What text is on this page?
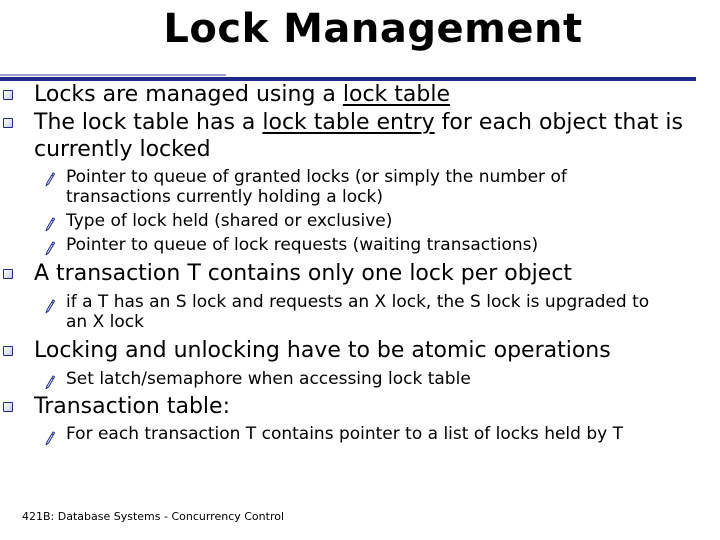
Lock Management
Locks are managed using a lock table
The lock table has a lock table entry for each object that is
currently locked
Pointer to queue of granted locks (or simply the number of
transactions currently holding a lock)
Type of lock held (shared or exclusive)
Pointer to queue of lock requests (waiting transactions)
A transaction T contains only one lock per object
if a T has an S lock and requests an X lock, the S lock is upgraded to
an X lock
Locking and unlocking have to be atomic operations
Set latch/semaphore when accessing lock table
Transaction table:
For each transaction T contains pointer to a list of locks held by T
421B: Database Systems - Concurrency Control
